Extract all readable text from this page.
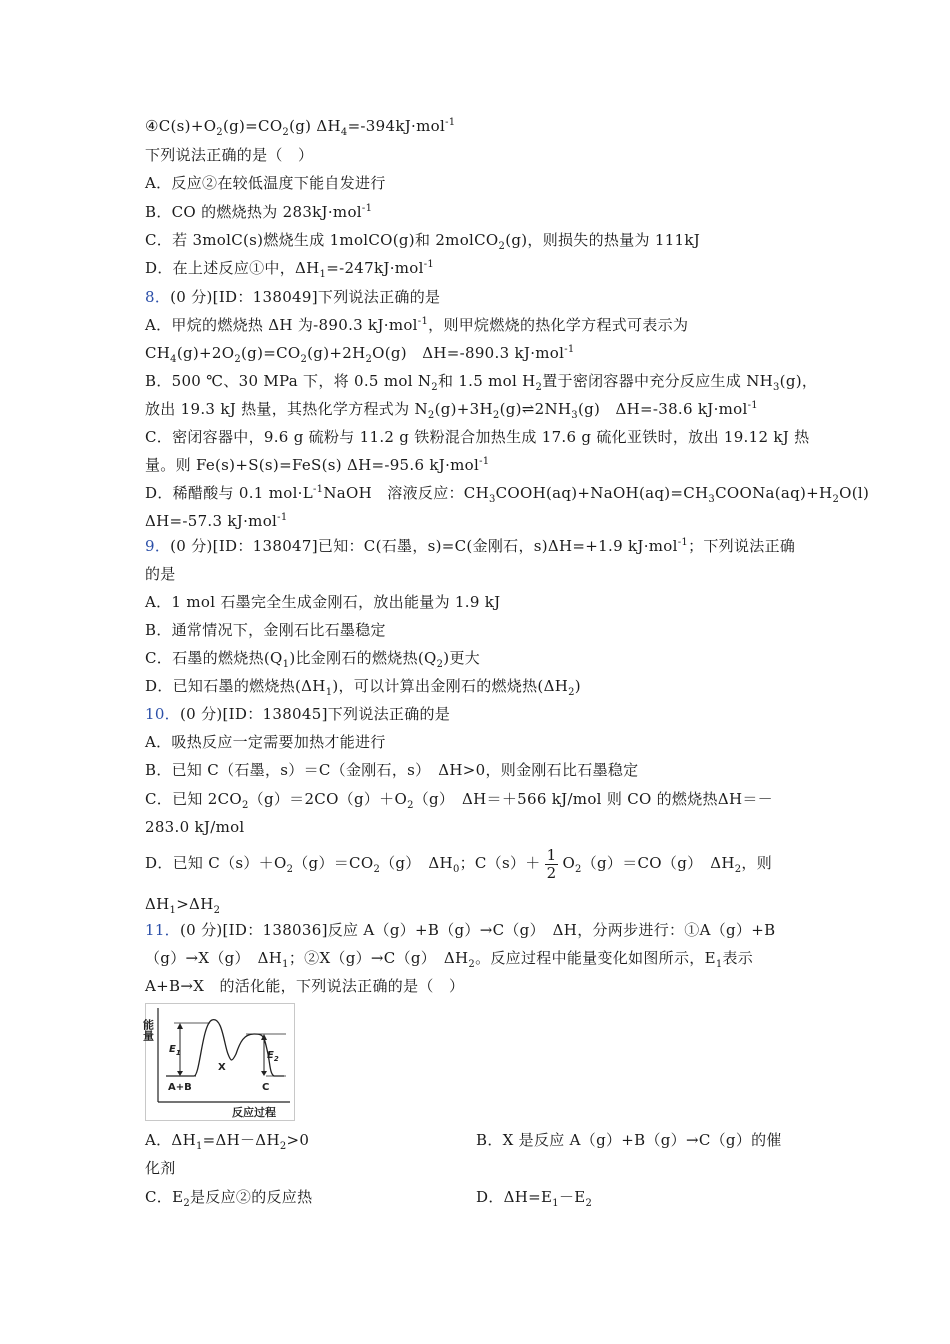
$④C(s)+O_2(g)=CO_2(g)$ $\Delta H_4=-394kJ\cdot mol^{-1}$
下列说法正确的是（　）
A．反应②在较低温度下能自发进行
B．CO 的燃烧热为 283kJ·mol$^{-1}$
C．若 3molC(s)燃烧生成 1molCO(g)和 2molCO$_2$(g)，则损失的热量为 111kJ
D．在上述反应①中，$\Delta H_1=-247kJ\cdot mol^{-1}$
8．(0 分)[ID：138049]下列说法正确的是
A．甲烷的燃烧热 ΔH 为-890.3 kJ·mol$^{-1}$，则甲烷燃烧的热化学方程式可表示为
$CH_4(g)+2O_2(g)=CO_2(g)+2H_2O(g)$　ΔH=-890.3 kJ·mol$^{-1}$
B．500 ℃、30 MPa 下，将 0.5 mol $N_2$和 1.5 mol $H_2$置于密闭容器中充分反应生成 $NH_3(g)$，
放出 19.3 kJ 热量，其热化学方程式为 $N_2(g)+3H_2(g)\rightleftharpoons 2NH_3(g)$　ΔH=-38.6 kJ·mol$^{-1}$
C．密闭容器中，9.6 g 硫粉与 11.2 g 铁粉混合加热生成 17.6 g 硫化亚铁时，放出 19.12 kJ 热
量。则 Fe(s)+S(s)=FeS(s) ΔH=-95.6 kJ·mol$^{-1}$
D．稀醋酸与 0.1 $mol\cdot L^{-1}NaOH$　溶液反应：$CH_3COOH(aq)+NaOH(aq)=CH_3COONa(aq)+H_2O(l)$
ΔH=-57.3 kJ·mol$^{-1}$
9．(0 分)[ID：138047]已知：C(石墨，s)=C(金刚石，s)ΔH=+1.9 kJ·mol$^{-1}$；下列说法正确
的是
A．1 mol 石墨完全生成金刚石，放出能量为 1.9 kJ
B．通常情况下，金刚石比石墨稳定
C．石墨的燃烧热$(Q_1)$比金刚石的燃烧热$(Q_2)$更大
D．已知石墨的燃烧热$(\Delta H_1)$，可以计算出金刚石的燃烧热$(\Delta H_2)$
10．(0 分)[ID：138045]下列说法正确的是
A．吸热反应一定需要加热才能进行
B．已知 C（石墨，s）＝C（金刚石，s）　ΔH>0，则金刚石比石墨稳定
C．已知 $2CO_2(g)=2CO(g)+O_2(g)$　ΔH＝＋566 kJ/mol 则 CO 的燃烧热ΔH＝－
283.0 kJ/mol
D．已知 $C(s)+O_2(g)=CO_2(g)$　$\Delta H_0$；$C(s)+ \frac{1}{2} O_2(g)=CO(g)$　$\Delta H_2$，则
$\Delta H_1>\Delta H_2$
11．(0 分)[ID：138036]反应 A（g）+B（g）→C（g）　ΔH，分两步进行：①A（g）+B
（g）→X（g）　$\Delta H_1$；②X（g）→C（g）　$\Delta H_2$。反应过程中能量变化如图所示，$E_1$表示
A+B→X　的活化能，下列说法正确的是（　）
能量
$E_1$	$E_2$
A+B
X
C
反应过程
A．$\Delta H_1=\Delta H-\Delta H_2>0$	B．X 是反应 A（g）+B（g）→C（g）的催
化剂
C．$E_2$是反应②的反应热	D．$\Delta H=E_1-E_2$
